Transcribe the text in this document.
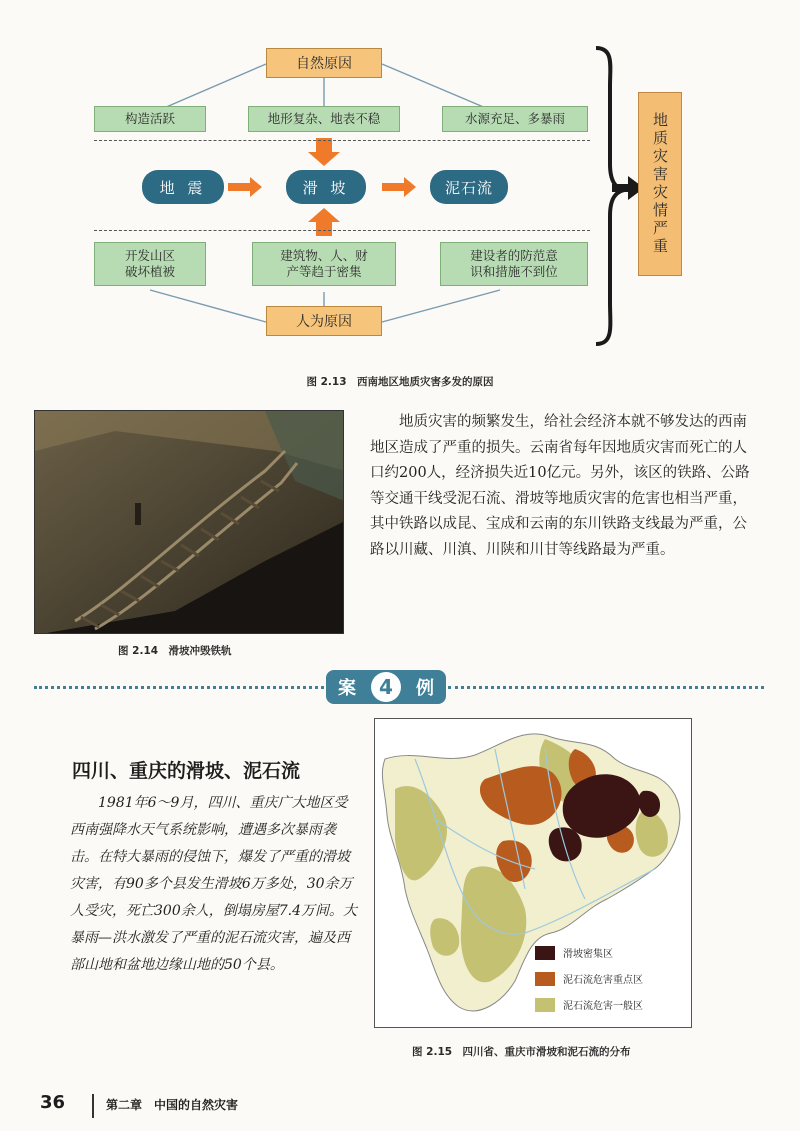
自然原因
构造活跃	地形复杂、地表不稳	水源充足、多暴雨
地 震	滑 坡	泥石流
开发山区
破坏植被
建筑物、人、财
产等趋于密集
建设者的防范意
识和措施不到位
人为原因
地质灾害灾情严重
图 2.13　西南地区地质灾害多发的原因
图 2.14　滑坡冲毁铁轨
　　地质灾害的频繁发生，给社会经济本就不够发达的西南地区造成了严重的损失。云南省每年因地质灾害而死亡的人口约200人，经济损失近10亿元。另外，该区的铁路、公路等交通干线受泥石流、滑坡等地质灾害的危害也相当严重，其中铁路以成昆、宝成和云南的东川铁路支线最为严重，公路以川藏、川滇、川陕和川甘等线路最为严重。
案	4	例
四川、重庆的滑坡、泥石流
　　1981年6～9月，四川、重庆广大地区受西南强降水天气系统影响，遭遇多次暴雨袭击。在特大暴雨的侵蚀下，爆发了严重的滑坡灾害，有90多个县发生滑坡6万多处，30余万人受灾，死亡300余人，倒塌房屋7.4万间。大暴雨—洪水激发了严重的泥石流灾害，遍及西部山地和盆地边缘山地的50个县。
滑坡密集区
泥石流危害重点区
泥石流危害一般区
图 2.15　四川省、重庆市滑坡和泥石流的分布
36	第二章　中国的自然灾害
